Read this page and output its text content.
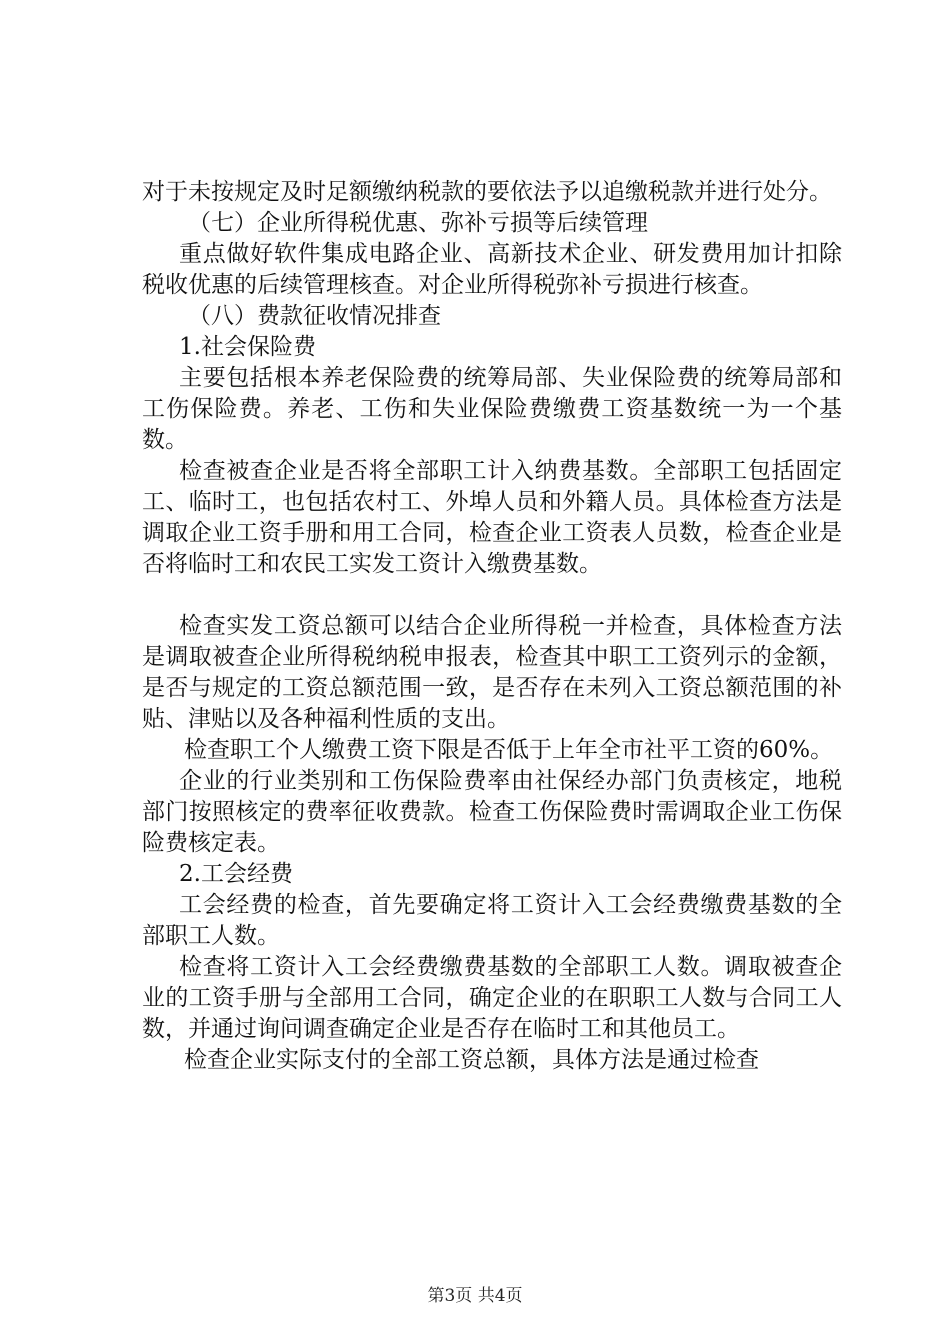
对于未按规定及时足额缴纳税款的要依法予以追缴税款并进行处分。

（七）企业所得税优惠、弥补亏损等后续管理

重点做好软件集成电路企业、高新技术企业、研发费用加计扣除税收优惠的后续管理核查。对企业所得税弥补亏损进行核查。

（八）费款征收情况排查

1.社会保险费

主要包括根本养老保险费的统筹局部、失业保险费的统筹局部和工伤保险费。养老、工伤和失业保险费缴费工资基数统一为一个基数。

检查被查企业是否将全部职工计入纳费基数。全部职工包括固定工、临时工，也包括农村工、外埠人员和外籍人员。具体检查方法是调取企业工资手册和用工合同，检查企业工资表人员数，检查企业是否将临时工和农民工实发工资计入缴费基数。

检查实发工资总额可以结合企业所得税一并检查，具体检查方法是调取被查企业所得税纳税申报表，检查其中职工工资列示的金额，是否与规定的工资总额范围一致，是否存在未列入工资总额范围的补贴、津贴以及各种福利性质的支出。

检查职工个人缴费工资下限是否低于上年全市社平工资的60%。

企业的行业类别和工伤保险费率由社保经办部门负责核定，地税部门按照核定的费率征收费款。检查工伤保险费时需调取企业工伤保险费核定表。

2.工会经费

工会经费的检查，首先要确定将工资计入工会经费缴费基数的全部职工人数。

检查将工资计入工会经费缴费基数的全部职工人数。调取被查企业的工资手册与全部用工合同，确定企业的在职职工人数与合同工人数，并通过询问调查确定企业是否存在临时工和其他员工。

检查企业实际支付的全部工资总额，具体方法是通过检查

第3页 共4页
